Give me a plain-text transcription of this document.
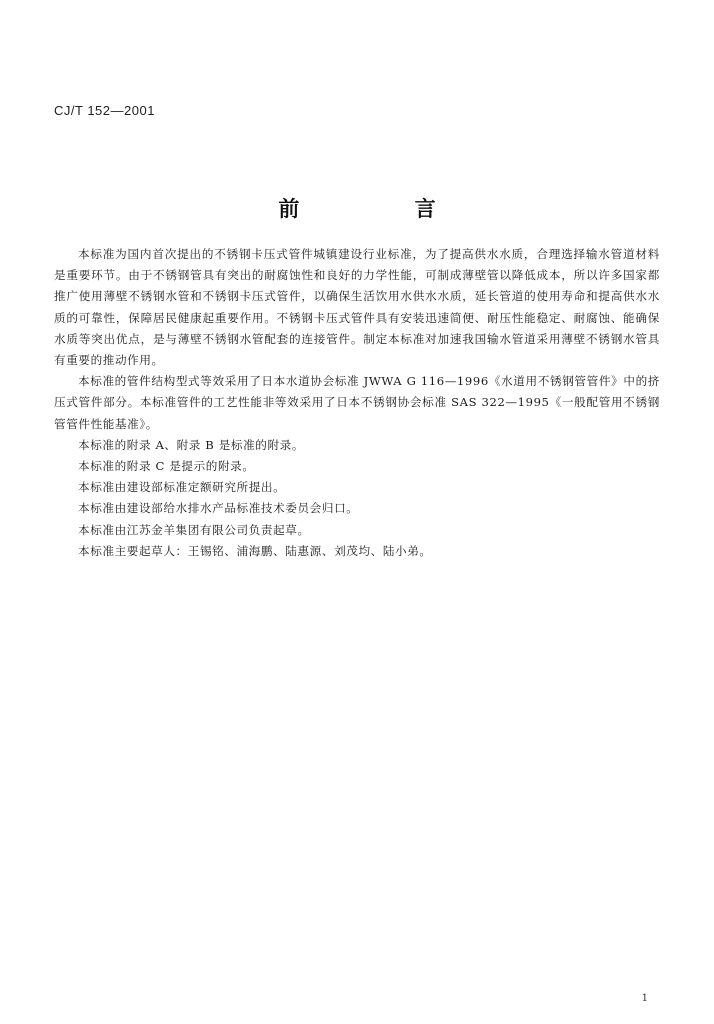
CJ/T 152—2001
前 言

本标准为国内首次提出的不锈钢卡压式管件城镇建设行业标准，为了提高供水水质，合理选择输水管道材料是重要环节。由于不锈钢管具有突出的耐腐蚀性和良好的力学性能，可制成薄壁管以降低成本，所以许多国家都推广使用薄壁不锈钢水管和不锈钢卡压式管件，以确保生活饮用水供水水质，延长管道的使用寿命和提高供水水质的可靠性，保障居民健康起重要作用。不锈钢卡压式管件具有安装迅速简便、耐压性能稳定、耐腐蚀、能确保水质等突出优点，是与薄壁不锈钢水管配套的连接管件。制定本标准对加速我国输水管道采用薄壁不锈钢水管具有重要的推动作用。

本标准的管件结构型式等效采用了日本水道协会标准 JWWA G 116—1996《水道用不锈钢管管件》中的挤压式管件部分。本标准管件的工艺性能非等效采用了日本不锈钢协会标准 SAS 322—1995《一般配管用不锈钢管管件性能基准》。

本标准的附录 A、附录 B 是标准的附录。

本标准的附录 C 是提示的附录。

本标准由建设部标准定额研究所提出。

本标准由建设部给水排水产品标准技术委员会归口。

本标准由江苏金羊集团有限公司负责起草。

本标准主要起草人：王锡铭、浦海鹏、陆惠源、刘茂均、陆小弟。

1
